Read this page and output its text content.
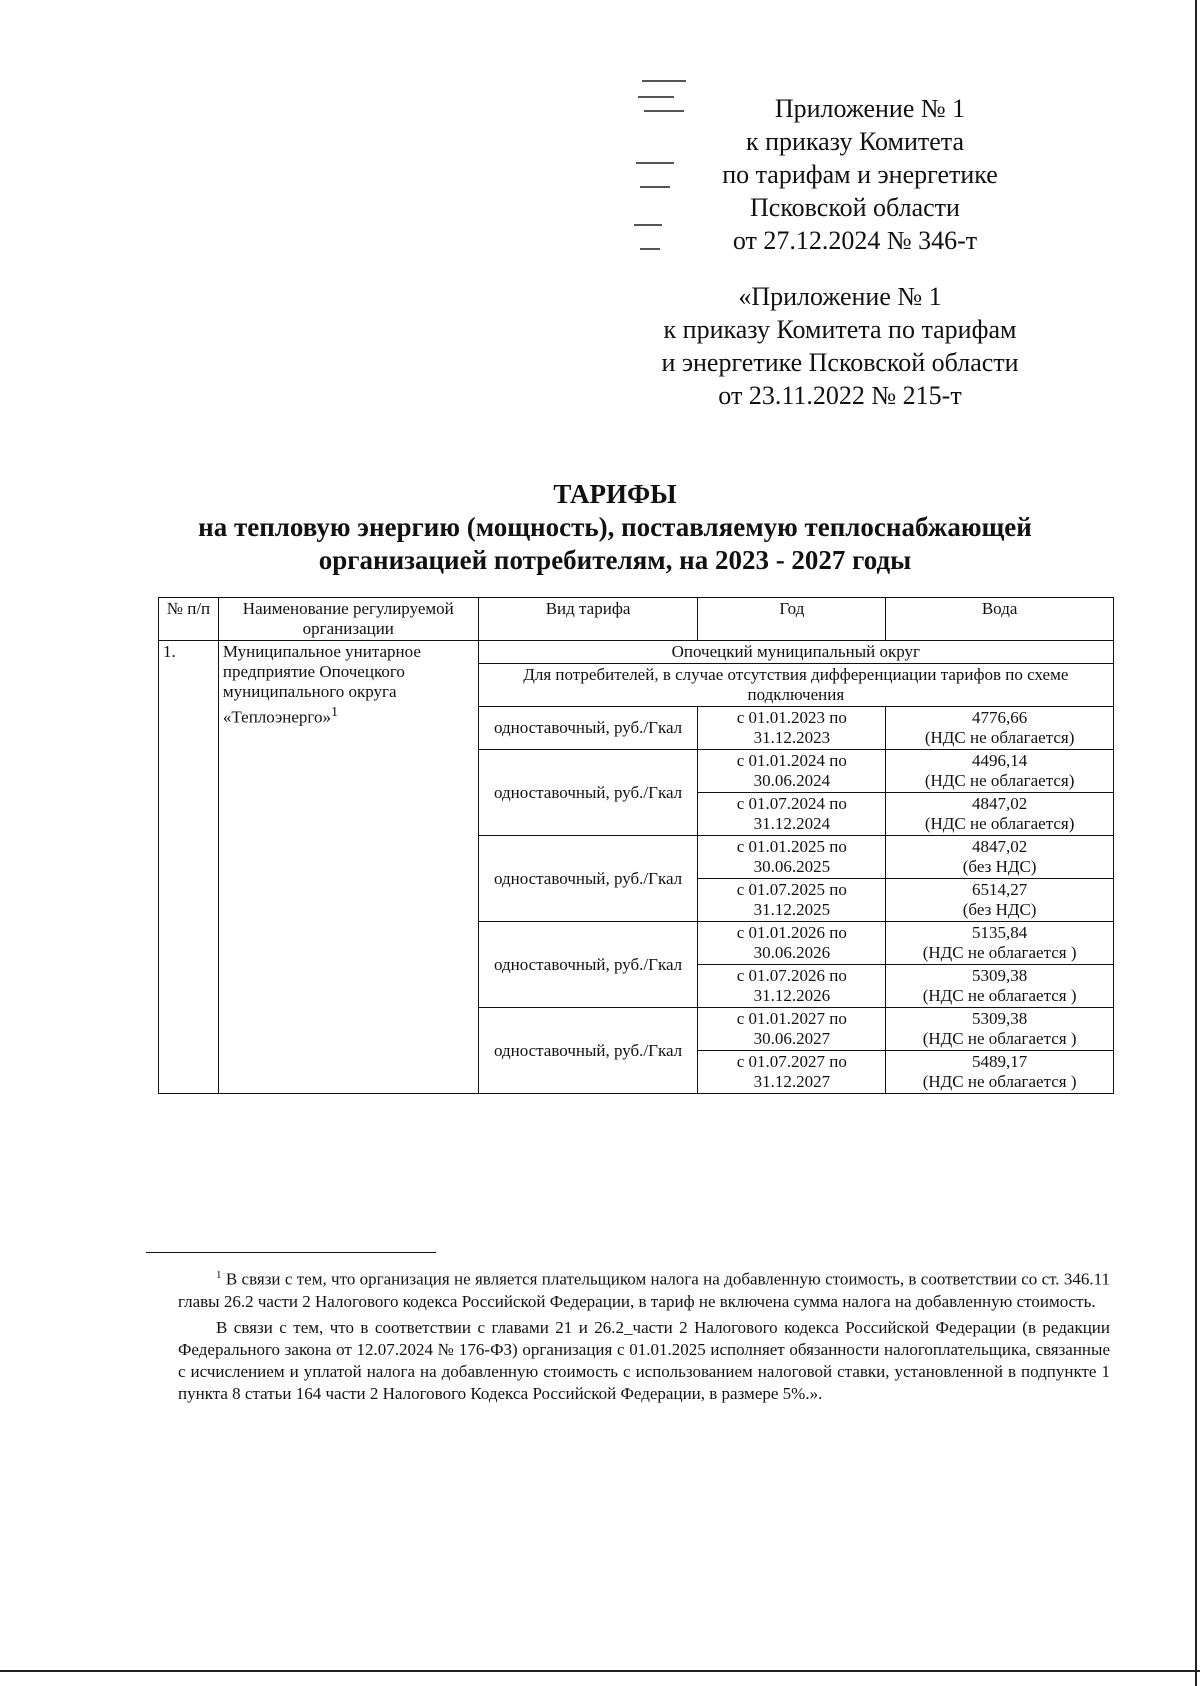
Приложение № 1
к приказу Комитета
по тарифам и энергетике
Псковской области
от 27.12.2024 № 346-т
«Приложение № 1
к приказу Комитета по тарифам
и энергетике Псковской области
от 23.11.2022 № 215-т
ТАРИФЫ
на тепловую энергию (мощность), поставляемую теплоснабжающей
организацией потребителям, на 2023 - 2027 годы
№ п/п	Наименование регулируемой организации	Вид тарифа	Год	Вода
1.	Муниципальное унитарное предприятие Опочецкого муниципального округа «Теплоэнерго»$^1$	Опочецкий муниципальный округ		
		Для потребителей, в случае отсутствия дифференциации тарифов по схеме подключения		
		одноставочный, руб./Гкал	с 01.01.2023 по 31.12.2023	4776,66
(НДС не облагается)

		одноставочный, руб./Гкал	с 01.01.2024 по 30.06.2024	4496,14
(НДС не облагается)

			с 01.07.2024 по 31.12.2024	4847,02
(НДС не облагается)

		одноставочный, руб./Гкал	с 01.01.2025 по 30.06.2025	4847,02
(без НДС)

			с 01.07.2025 по 31.12.2025	6514,27
(без НДС)

		одноставочный, руб./Гкал	с 01.01.2026 по 30.06.2026	5135,84
(НДС не облагается )

			с 01.07.2026 по 31.12.2026	5309,38
(НДС не облагается )

		одноставочный, руб./Гкал	с 01.01.2027 по 30.06.2027	5309,38
(НДС не облагается )

			с 01.07.2027 по 31.12.2027	5489,17
(НДС не облагается )

$^1$ В связи с тем, что организация не является плательщиком налога на добавленную стоимость, в соответствии со ст. 346.11 главы 26.2 части 2 Налогового кодекса Российской Федерации, в тариф не включена сумма налога на добавленную стоимость.

В связи с тем, что в соответствии с главами 21 и 26.2_части 2 Налогового кодекса Российской Федерации (в редакции Федерального закона от 12.07.2024 № 176-ФЗ) организация с 01.01.2025 исполняет обязанности налогоплательщика, связанные с исчислением и уплатой налога на добавленную стоимость с использованием налоговой ставки, установленной в подпункте 1 пункта 8 статьи 164 части 2 Налогового Кодекса Российской Федерации, в размере 5%.».
